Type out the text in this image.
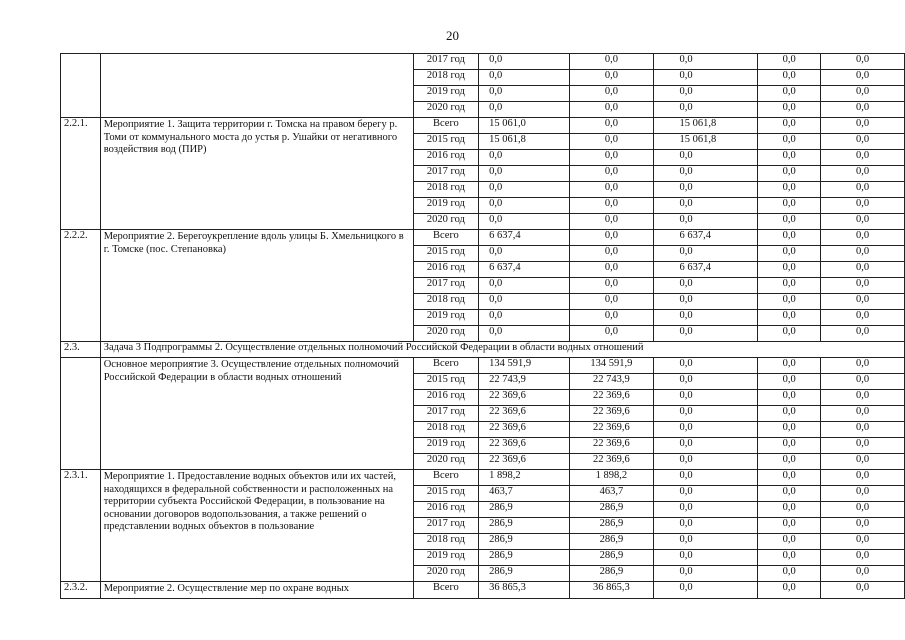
20
		2017 год	0,0	0,0	0,0	0,0	0,0
		2018 год	0,0	0,0	0,0	0,0	0,0
		2019 год	0,0	0,0	0,0	0,0	0,0
		2020 год	0,0	0,0	0,0	0,0	0,0
2.2.1.	Мероприятие 1. Защита территории г. Томска на правом берегу р. Томи от коммунального моста до устья р. Ушайки от негативного воздействия вод (ПИР)	Всего	15 061,0	0,0	15 061,8	0,0	0,0
		2015 год	15 061,8	0,0	15 061,8	0,0	0,0
		2016 год	0,0	0,0	0,0	0,0	0,0
		2017 год	0,0	0,0	0,0	0,0	0,0
		2018 год	0,0	0,0	0,0	0,0	0,0
		2019 год	0,0	0,0	0,0	0,0	0,0
		2020 год	0,0	0,0	0,0	0,0	0,0
2.2.2.	Мероприятие 2. Берегоукрепление вдоль улицы Б. Хмельницкого в г. Томске (пос. Степановка)	Всего	6 637,4	0,0	6 637,4	0,0	0,0
		2015 год	0,0	0,0	0,0	0,0	0,0
		2016 год	6 637,4	0,0	6 637,4	0,0	0,0
		2017 год	0,0	0,0	0,0	0,0	0,0
		2018 год	0,0	0,0	0,0	0,0	0,0
		2019 год	0,0	0,0	0,0	0,0	0,0
		2020 год	0,0	0,0	0,0	0,0	0,0
2.3.	Задача 3 Подпрограммы 2. Осуществление отдельных полномочий Российской Федерации в области водных отношений						
	Основное мероприятие 3. Осуществление отдельных полномочий Российской Федерации в области водных отношений	Всего	134 591,9	134 591,9	0,0	0,0	0,0
		2015 год	22 743,9	22 743,9	0,0	0,0	0,0
		2016 год	22 369,6	22 369,6	0,0	0,0	0,0
		2017 год	22 369,6	22 369,6	0,0	0,0	0,0
		2018 год	22 369,6	22 369,6	0,0	0,0	0,0
		2019 год	22 369,6	22 369,6	0,0	0,0	0,0
		2020 год	22 369,6	22 369,6	0,0	0,0	0,0
2.3.1.	Мероприятие 1. Предоставление водных объектов или их частей, находящихся в федеральной собственности и расположенных на территории субъекта Российской Федерации, в пользование на основании договоров водопользования, а также решений о представлении водных объектов в пользование	Всего	1 898,2	1 898,2	0,0	0,0	0,0
		2015 год	463,7	463,7	0,0	0,0	0,0
		2016 год	286,9	286,9	0,0	0,0	0,0
		2017 год	286,9	286,9	0,0	0,0	0,0
		2018 год	286,9	286,9	0,0	0,0	0,0
		2019 год	286,9	286,9	0,0	0,0	0,0
		2020 год	286,9	286,9	0,0	0,0	0,0
2.3.2.	Мероприятие 2. Осуществление мер по охране водных	Всего	36 865,3	36 865,3	0,0	0,0	0,0
